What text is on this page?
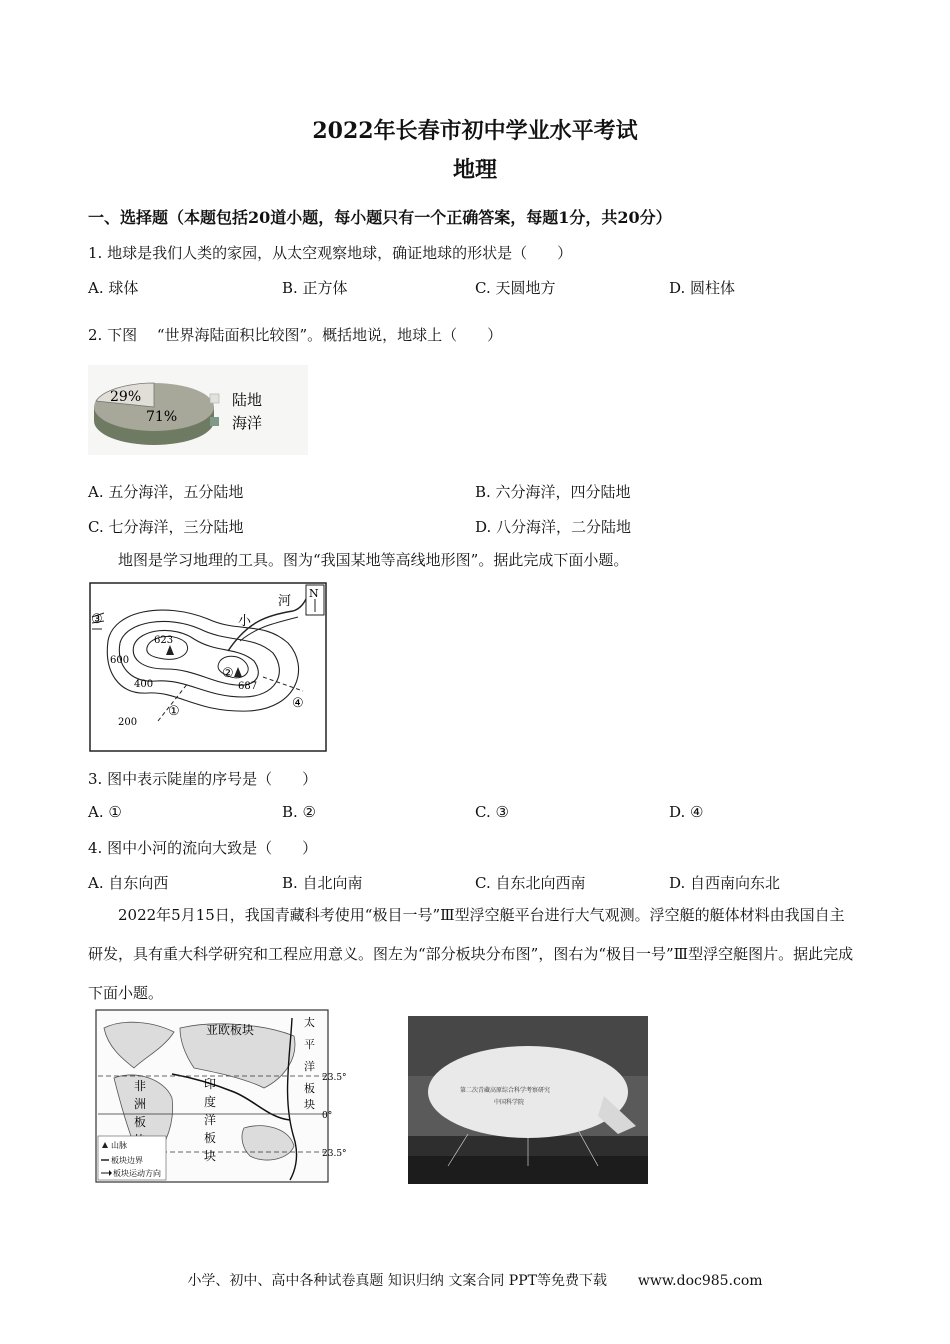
2022年长春市初中学业水平考试
地理
一、选择题（本题包括20道小题，每小题只有一个正确答案，每题1分，共20分）
1. 地球是我们人类的家园，从太空观察地球，确证地球的形状是（　　）
A. 球体	B. 正方体	C. 天圆地方	D. 圆柱体
2. 下图　 “世界海陆面积比较图”。概括地说，地球上（　　）
29%
71%
陆地
海洋
A. 五分海洋，五分陆地	B. 六分海洋，四分陆地
C. 七分海洋，三分陆地	D. 八分海洋，二分陆地
地图是学习地理的工具。图为“我国某地等高线地形图”。据此完成下面小题。
N
河
小
623
687
600
400
200
①
②
③
④
3. 图中表示陡崖的序号是（　　）
A. ①	B. ②	C. ③	D. ④
4. 图中小河的流向大致是（　　）
A. 自东向西	B. 自北向南	C. 自东北向西南	D. 自西南向东北
2022年5月15日，我国青藏科考使用“极目一号”Ⅲ型浮空艇平台进行大气观测。浮空艇的艇体材料由我国自主研发，具有重大科学研究和工程应用意义。图左为“部分板块分布图”，图右为“极目一号”Ⅲ型浮空艇图片。据此完成下面小题。
23.5°
0°
23.5°
亚欧板块
非
洲
板
印
度
洋
板
块
太
平
洋
板
块
山脉
板块边界
板块运动方向
第二次青藏高原综合科学考察研究
中国科学院
小学、初中、高中各种试卷真题 知识归纳 文案合同 PPT等免费下载 www.doc985.com
